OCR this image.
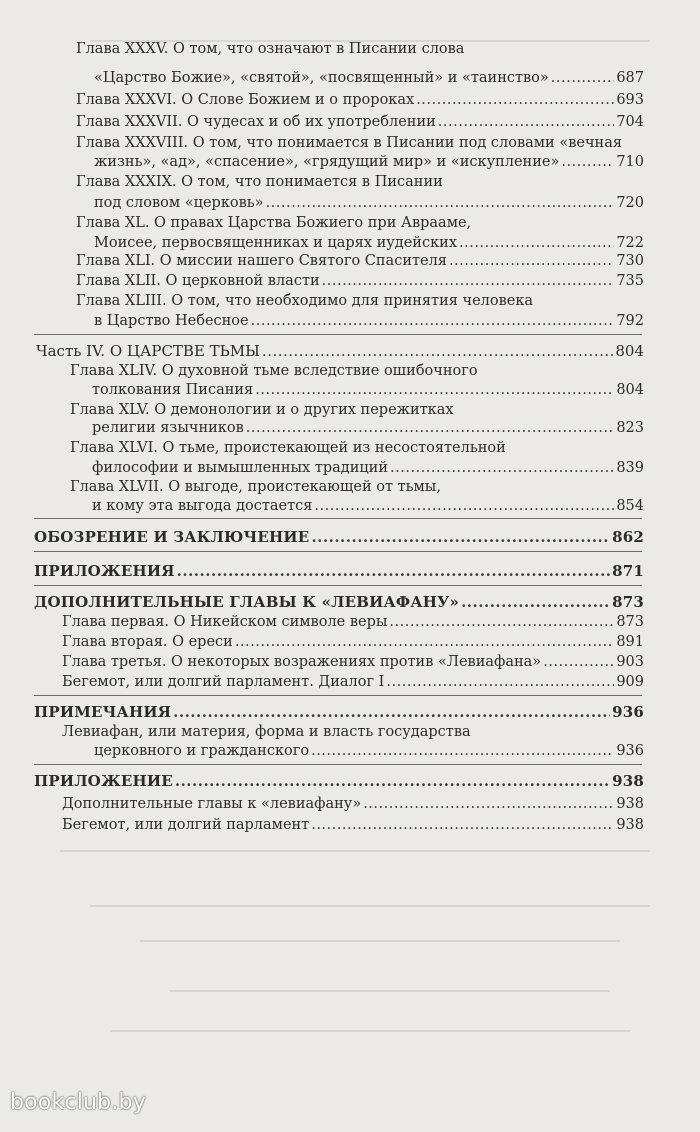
Глава XXXV. О том, что означают в Писании слова
«Царство Божие», «святой», «посвященный» и «таинство» .....	687
Глава XXXVI. О Слове Божием и о пророках .....	693
Глава XXXVII. О чудесах и об их употреблении .....	704
Глава XXXVIII. О том, что понимается в Писании под словами «вечная
жизнь», «ад», «спасение», «грядущий мир» и «искупление» .....	710
Глава XXXIX. О том, что понимается в Писании
под словом «церковь» .....	720
Глава XL. О правах Царства Божиего при Аврааме,
Моисее, первосвященниках и царях иудейских .....	722
Глава XLI. О миссии нашего Святого Спасителя .....	730
Глава XLII. О церковной власти .....	735
Глава XLIII. О том, что необходимо для принятия человека
в Царство Небесное .....	792
Часть IV. О ЦАРСТВЕ ТЬМЫ .....	804
Глава XLIV. О духовной тьме вследствие ошибочного
толкования Писания .....	804
Глава XLV. О демонологии и о других пережитках
религии язычников .....	823
Глава XLVI. О тьме, проистекающей из несостоятельной
философии и вымышленных традиций .....	839
Глава XLVII. О выгоде, проистекающей от тьмы,
и кому эта выгода достается .....	854
ОБОЗРЕНИЕ И ЗАКЛЮЧЕНИЕ .....	862
ПРИЛОЖЕНИЯ .....	871
ДОПОЛНИТЕЛЬНЫЕ ГЛАВЫ К «ЛЕВИАФАНУ» .....	873
Глава первая. О Никейском символе веры .....	873
Глава вторая. О ереси .....	891
Глава третья. О некоторых возражениях против «Левиафана» .....	903
Бегемот, или долгий парламент. Диалог I .....	909
ПРИМЕЧАНИЯ .....	936
Левиафан, или материя, форма и власть государства
церковного и гражданского .....	936
ПРИЛОЖЕНИЕ .....	938
Дополнительные главы к «левиафану» .....	938
Бегемот, или долгий парламент .....	938
bookclub.by
